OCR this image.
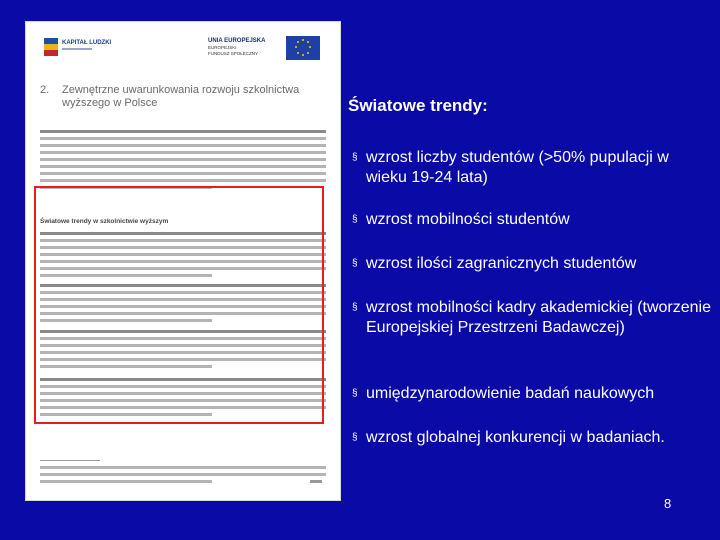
KAPITAŁ LUDZKI	UNIA EUROPEJSKA
EUROPEJSKI
FUNDUSZ SPOŁECZNY
2. Zewnętrzne uwarunkowania rozwoju szkolnictwa wyższego w Polsce
Światowe trendy w szkolnictwie wyższym
Światowe trendy:
§ wzrost liczby studentów (>50% pupulacji w wieku 19-24 lata)
§ wzrost mobilności studentów
§ wzrost ilości zagranicznych studentów
§ wzrost mobilności kadry akademickiej (tworzenie Europejskiej Przestrzeni Badawczej)
§ umiędzynarodowienie badań naukowych
§ wzrost globalnej konkurencji w badaniach.
8
